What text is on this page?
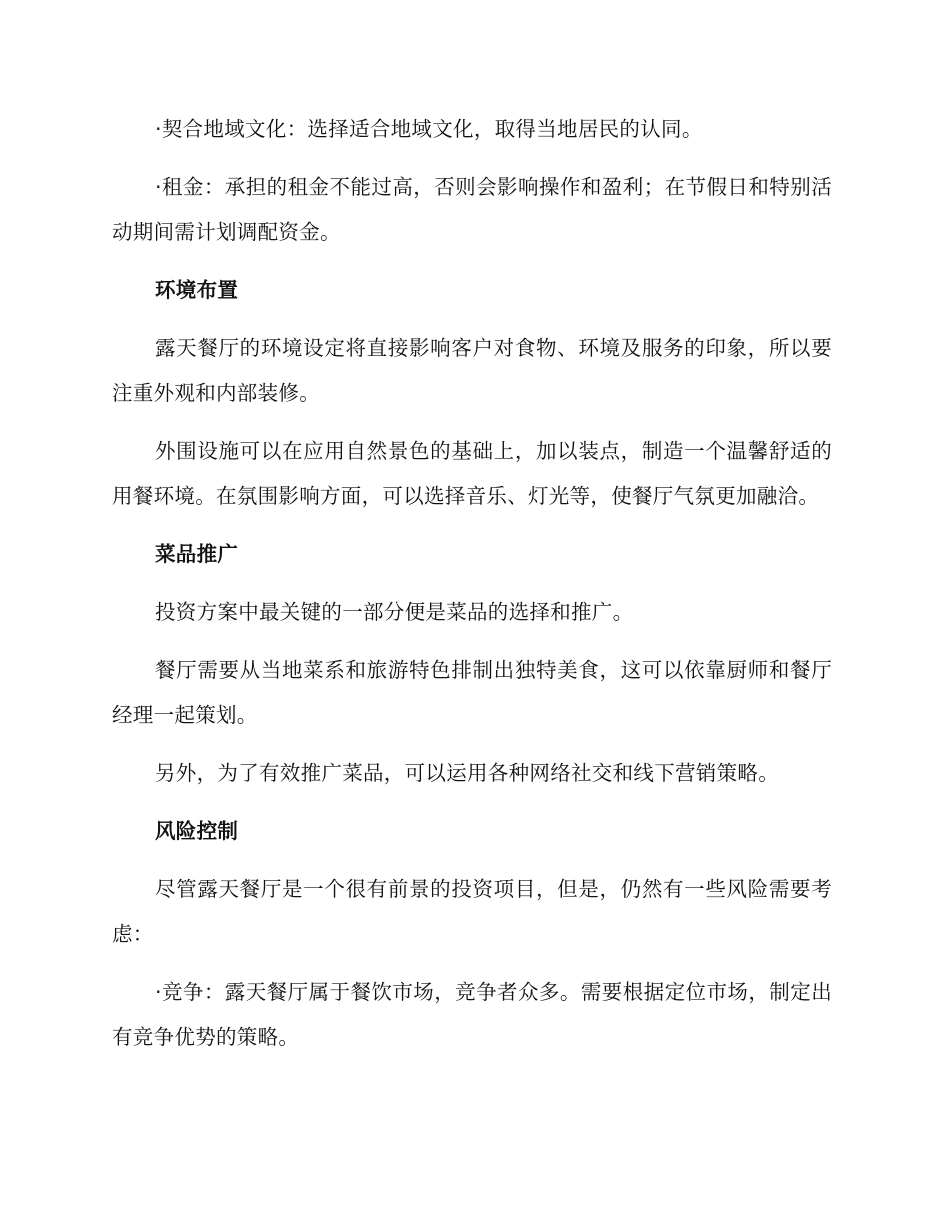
·契合地域文化：选择适合地域文化，取得当地居民的认同。

·租金：承担的租金不能过高，否则会影响操作和盈利；在节假日和特别活动期间需计划调配资金。

环境布置

露天餐厅的环境设定将直接影响客户对食物、环境及服务的印象，所以要注重外观和内部装修。

外围设施可以在应用自然景色的基础上，加以装点，制造一个温馨舒适的用餐环境。在氛围影响方面，可以选择音乐、灯光等，使餐厅气氛更加融洽。

菜品推广

投资方案中最关键的一部分便是菜品的选择和推广。

餐厅需要从当地菜系和旅游特色排制出独特美食，这可以依靠厨师和餐厅经理一起策划。

另外，为了有效推广菜品，可以运用各种网络社交和线下营销策略。

风险控制

尽管露天餐厅是一个很有前景的投资项目，但是，仍然有一些风险需要考虑：

·竞争：露天餐厅属于餐饮市场，竞争者众多。需要根据定位市场，制定出有竞争优势的策略。
